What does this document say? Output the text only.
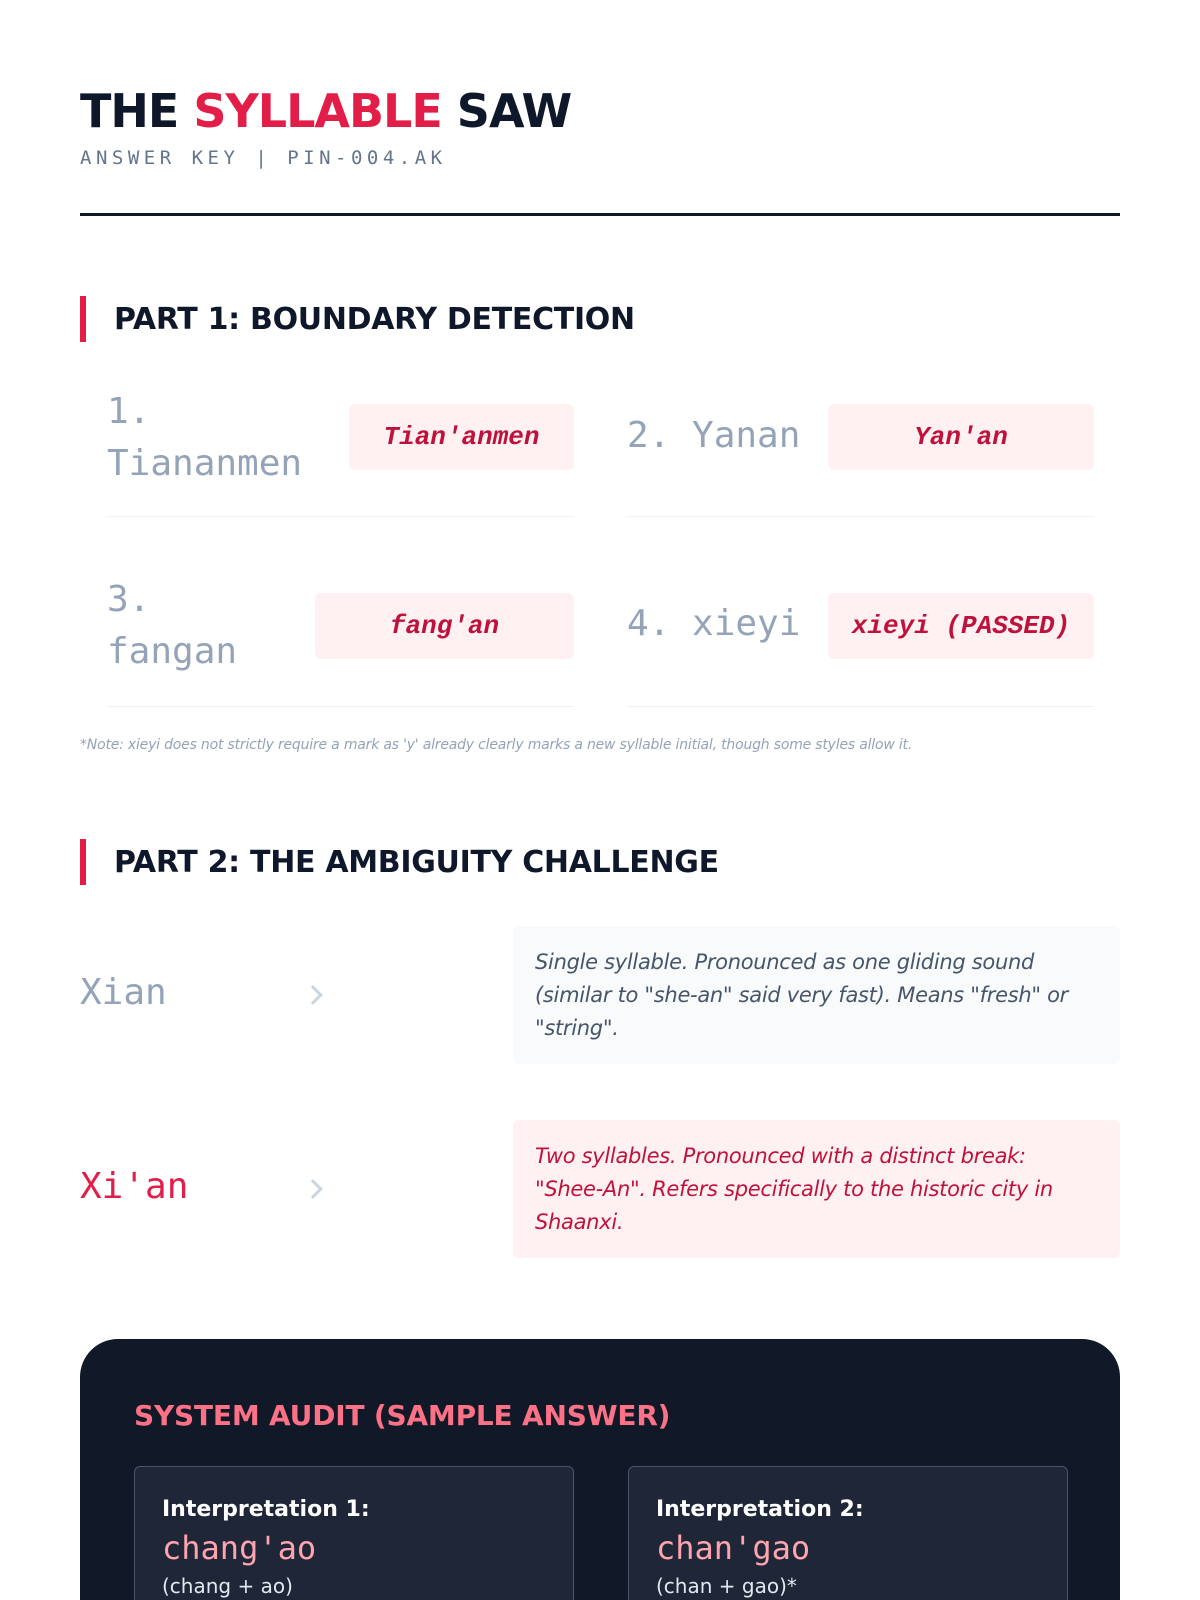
THE SYLLABLE SAW
ANSWER KEY | PIN-004.AK
PART 1: BOUNDARY DETECTION
1. Tiananmen
Tian'anmen	2. Yanan	Yan'an
3. fangan
fang'an	4. xieyi	xieyi (PASSED)
*Note: xieyi does not strictly require a mark as 'y' already clearly marks a new syllable initial, though some styles allow it.
PART 2: THE AMBIGUITY CHALLENGE
Xian
Single syllable. Pronounced as one gliding sound (similar to "she-an" said very fast). Means "fresh" or "string".
Xi'an
Two syllables. Pronounced with a distinct break: "Shee-An". Refers specifically to the historic city in Shaanxi.
SYSTEM AUDIT (SAMPLE ANSWER)
Interpretation 1:
chang'ao
(chang + ao)
Interpretation 2:
chan'gao
(chan + gao)*
